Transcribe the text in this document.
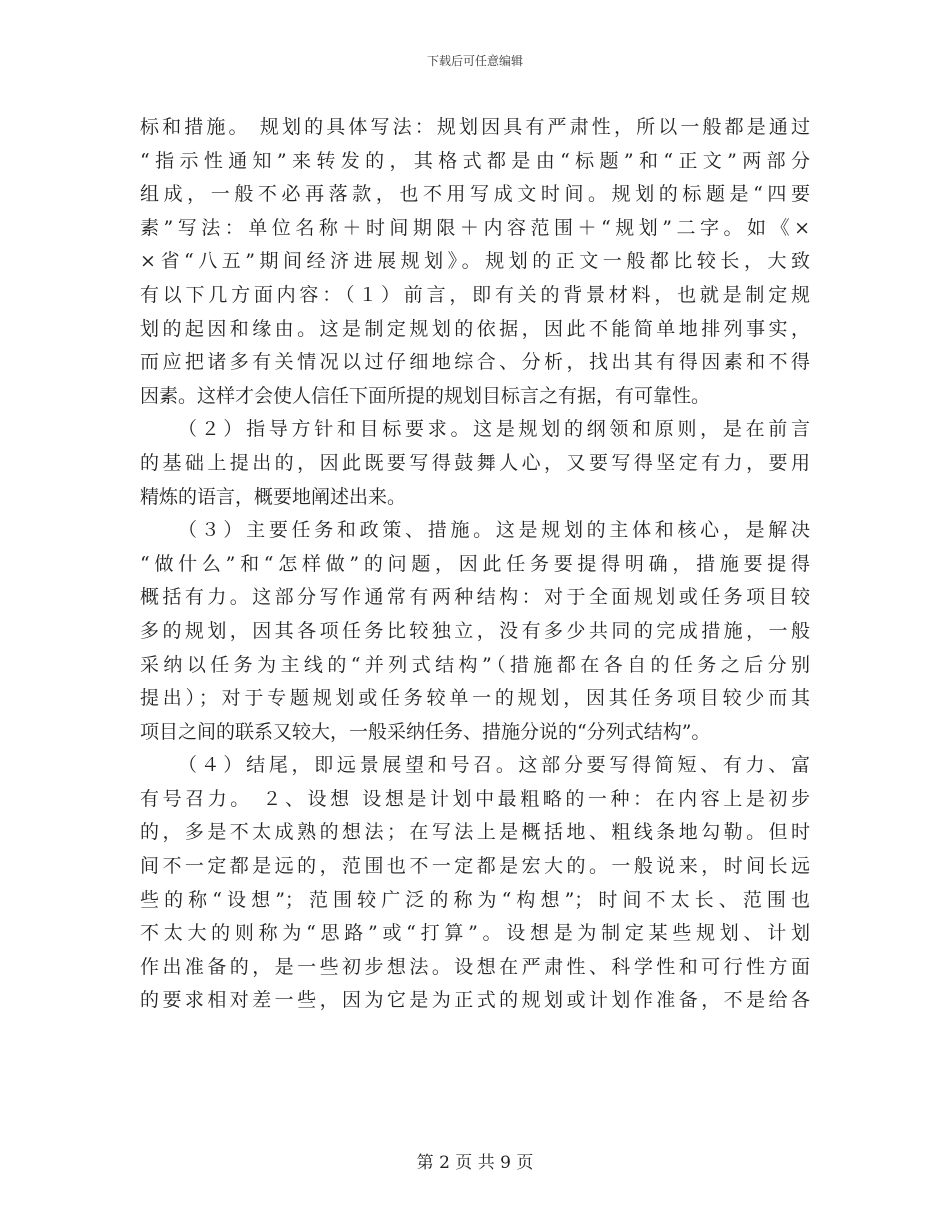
下载后可任意编辑
标和措施。 规划的具体写法：规划因具有严肃性，所以一般都是通过
“指示性通知”来转发的，其格式都是由“标题”和“正文”两部分
组成，一般不必再落款，也不用写成文时间。规划的标题是“四要
素”写法：单位名称＋时间期限＋内容范围＋“规划”二字。如《×
×省“八五”期间经济进展规划》。规划的正文一般都比较长，大致
有以下几方面内容：（１）前言，即有关的背景材料，也就是制定规
划的起因和缘由。这是制定规划的依据，因此不能简单地排列事实，
而应把诸多有关情况以过仔细地综合、分析，找出其有得因素和不得
因素。这样才会使人信任下面所提的规划目标言之有据，有可靠性。
（２）指导方针和目标要求。这是规划的纲领和原则，是在前言
的基础上提出的，因此既要写得鼓舞人心，又要写得坚定有力，要用
精炼的语言，概要地阐述出来。
（３）主要任务和政策、措施。这是规划的主体和核心，是解决
“做什么”和“怎样做”的问题，因此任务要提得明确，措施要提得
概括有力。这部分写作通常有两种结构：对于全面规划或任务项目较
多的规划，因其各项任务比较独立，没有多少共同的完成措施，一般
采纳以任务为主线的“并列式结构”（措施都在各自的任务之后分别
提出）；对于专题规划或任务较单一的规划，因其任务项目较少而其
项目之间的联系又较大，一般采纳任务、措施分说的“分列式结构”。
（４）结尾，即远景展望和号召。这部分要写得简短、有力、富
有号召力。 ２、设想 设想是计划中最粗略的一种：在内容上是初步
的，多是不太成熟的想法；在写法上是概括地、粗线条地勾勒。但时
间不一定都是远的，范围也不一定都是宏大的。一般说来，时间长远
些的称“设想”；范围较广泛的称为“构想”；时间不太长、范围也
不太大的则称为“思路”或“打算”。设想是为制定某些规划、计划
作出准备的，是一些初步想法。设想在严肃性、科学性和可行性方面
的要求相对差一些，因为它是为正式的规划或计划作准备，不是给各
第 2 页 共 9 页
